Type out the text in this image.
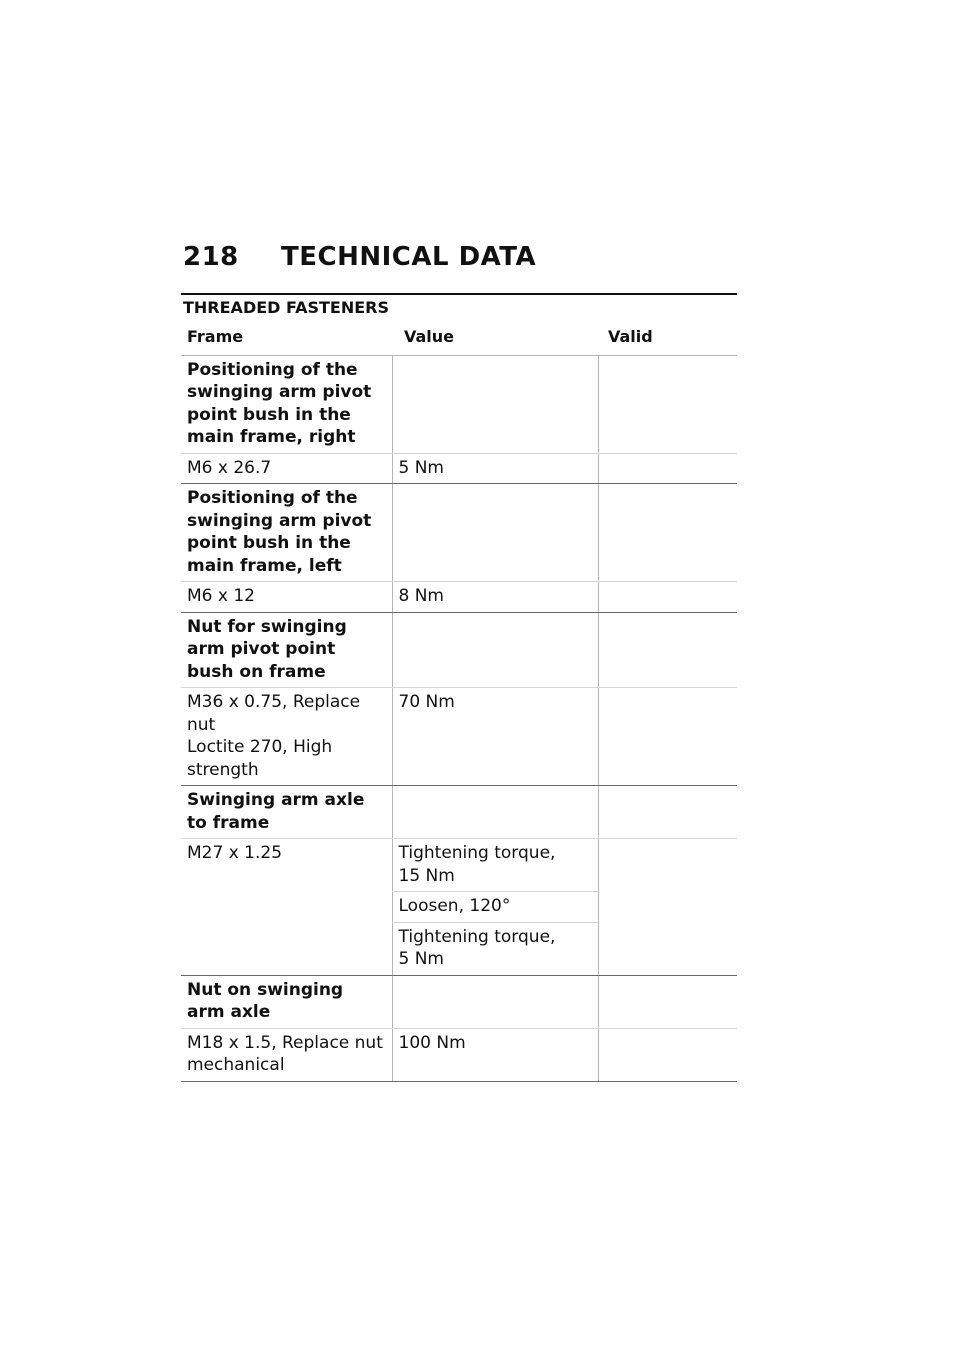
218 TECHNICAL DATA
THREADED FASTENERS
Frame	Value	Valid
Positioning of the swinging arm pivot point bush in the main frame, right		
M6 x 26.7	5 Nm	
Positioning of the swinging arm pivot point bush in the main frame, left		
M6 x 12	8 Nm	
Nut for swinging arm pivot point bush on frame		

M36 x 0.75, Replace nut
Loctite 270, High strength	70 Nm	
Swinging arm axle to frame		
M27 x 1.25	Tightening torque,
15 Nm	

	Loosen, 120°	

	Tightening torque,
5 Nm	

Nut on swinging arm axle		

M18 x 1.5, Replace nut
mechanical	100 Nm	
